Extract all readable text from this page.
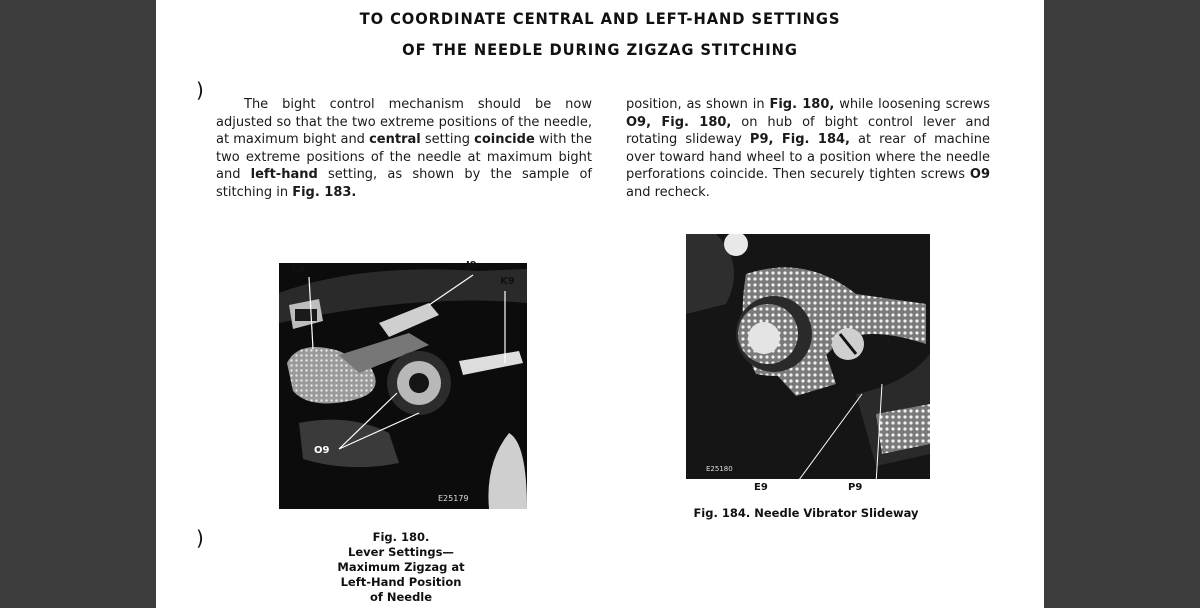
TO COORDINATE CENTRAL AND LEFT-HAND SETTINGS
OF THE NEEDLE DURING ZIGZAG STITCHING
)
)
The bight control mechanism should be now adjusted so that the two extreme positions of the needle, at maximum bight and central setting coincide with the two extreme positions of the needle at maximum bight and left-hand setting, as shown by the sample of stitching in Fig. 183.
position, as shown in Fig. 180, while loosening screws O9, Fig. 180, on hub of bight control lever and rotating slideway P9, Fig. 184, at rear of machine over toward hand wheel to a position where the needle perforations coincide. Then securely tighten screws O9 and recheck.
L9	J9
K9
O9
E25179
E25180
E9	P9
Fig. 180.
Lever Settings—
Maximum Zigzag at
Left-Hand Position
of Needle
Fig. 184. Needle Vibrator Slideway
